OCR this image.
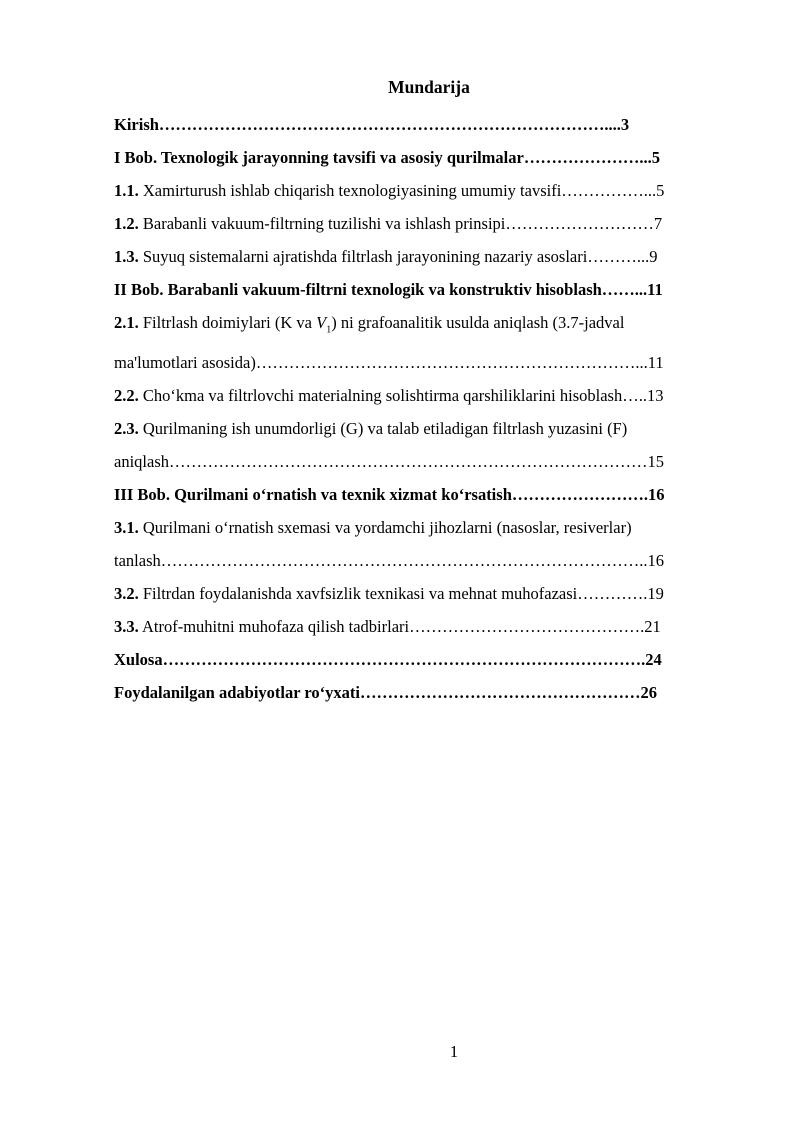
Mundarija
Kirish………………………………………………………………………....3
I Bob. Texnologik jarayonning tavsifi va asosiy qurilmalar…………………...5
1.1. Xamirturush ishlab chiqarish texnologiyasining umumiy tavsifi……………...5
1.2. Barabanli vakuum-filtrning tuzilishi va ishlash prinsipi………………………7
1.3. Suyuq sistemalarni ajratishda filtrlash jarayonining nazariy asoslari………...9
II Bob. Barabanli vakuum-filtrni texnologik va konstruktiv hisoblash……...11
2.1. Filtrlash doimiylari (K va $V_1$) ni grafoanalitik usulda aniqlash (3.7-jadval
ma'lumotlari asosida)……………………………………………………………...11
2.2. Cho‘kma va filtrlovchi materialning solishtirma qarshiliklarini hisoblash…..13
2.3. Qurilmaning ish unumdorligi (G) va talab etiladigan filtrlash yuzasini (F)
aniqlash……………………………………………………………………………15
III Bob. Qurilmani o‘rnatish va texnik xizmat ko‘rsatish…………………….16
3.1. Qurilmani o‘rnatish sxemasi va yordamchi jihozlarni (nasoslar, resiverlar)
tanlash……………………………………………………………………………..16
3.2. Filtrdan foydalanishda xavfsizlik texnikasi va mehnat muhofazasi………….19
3.3. Atrof-muhitni muhofaza qilish tadbirlari…………………………………….21
Xulosa…………………………………………………………………………….24
Foydalanilgan adabiyotlar ro‘yxati……………………………………………26
1
